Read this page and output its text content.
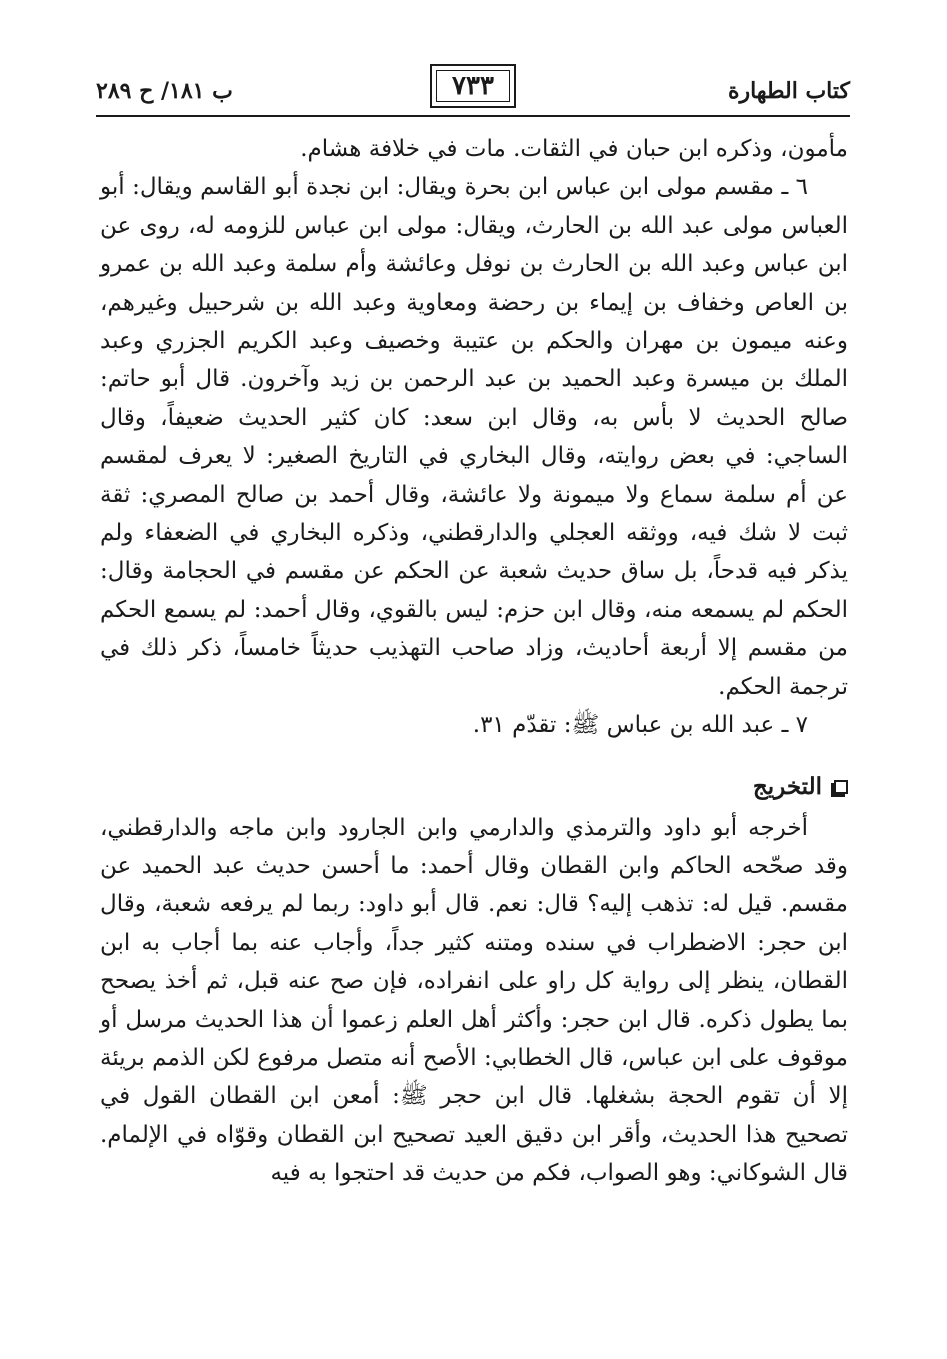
كتاب الطهارة
٧٣٣
ب ١٨١/ ح ٢٨٩

مأمون، وذكره ابن حبان في الثقات. مات في خلافة هشام.

٦ ـ مقسم مولى ابن عباس ابن بحرة ويقال: ابن نجدة أبو القاسم ويقال: أبو العباس مولى عبد الله بن الحارث، ويقال: مولى ابن عباس للزومه له، روى عن ابن عباس وعبد الله بن الحارث بن نوفل وعائشة وأم سلمة وعبد الله بن عمرو بن العاص وخفاف بن إيماء بن رحضة ومعاوية وعبد الله بن شرحبيل وغيرهم، وعنه ميمون بن مهران والحكم بن عتيبة وخصيف وعبد الكريم الجزري وعبد الملك بن ميسرة وعبد الحميد بن عبد الرحمن بن زيد وآخرون. قال أبو حاتم: صالح الحديث لا بأس به، وقال ابن سعد: كان كثير الحديث ضعيفاً، وقال الساجي: في بعض روايته، وقال البخاري في التاريخ الصغير: لا يعرف لمقسم عن أم سلمة سماع ولا ميمونة ولا عائشة، وقال أحمد بن صالح المصري: ثقة ثبت لا شك فيه، ووثقه العجلي والدارقطني، وذكره البخاري في الضعفاء ولم يذكر فيه قدحاً، بل ساق حديث شعبة عن الحكم عن مقسم في الحجامة وقال: الحكم لم يسمعه منه، وقال ابن حزم: ليس بالقوي، وقال أحمد: لم يسمع الحكم من مقسم إلا أربعة أحاديث، وزاد صاحب التهذيب حديثاً خامساً، ذكر ذلك في ترجمة الحكم.

٧ ـ عبد الله بن عباس ﷺ: تقدّم ٣١.

التخريج

أخرجه أبو داود والترمذي والدارمي وابن الجارود وابن ماجه والدارقطني، وقد صحّحه الحاكم وابن القطان وقال أحمد: ما أحسن حديث عبد الحميد عن مقسم. قيل له: تذهب إليه؟ قال: نعم. قال أبو داود: ربما لم يرفعه شعبة، وقال ابن حجر: الاضطراب في سنده ومتنه كثير جداً، وأجاب عنه بما أجاب به ابن القطان، ينظر إلى رواية كل راو على انفراده، فإن صح عنه قبل، ثم أخذ يصحح بما يطول ذكره. قال ابن حجر: وأكثر أهل العلم زعموا أن هذا الحديث مرسل أو موقوف على ابن عباس، قال الخطابي: الأصح أنه متصل مرفوع لكن الذمم بريئة إلا أن تقوم الحجة بشغلها. قال ابن حجر ﷺ: أمعن ابن القطان القول في تصحيح هذا الحديث، وأقر ابن دقيق العيد تصحيح ابن القطان وقوّاه في الإلمام. قال الشوكاني: وهو الصواب، فكم من حديث قد احتجوا به فيه
